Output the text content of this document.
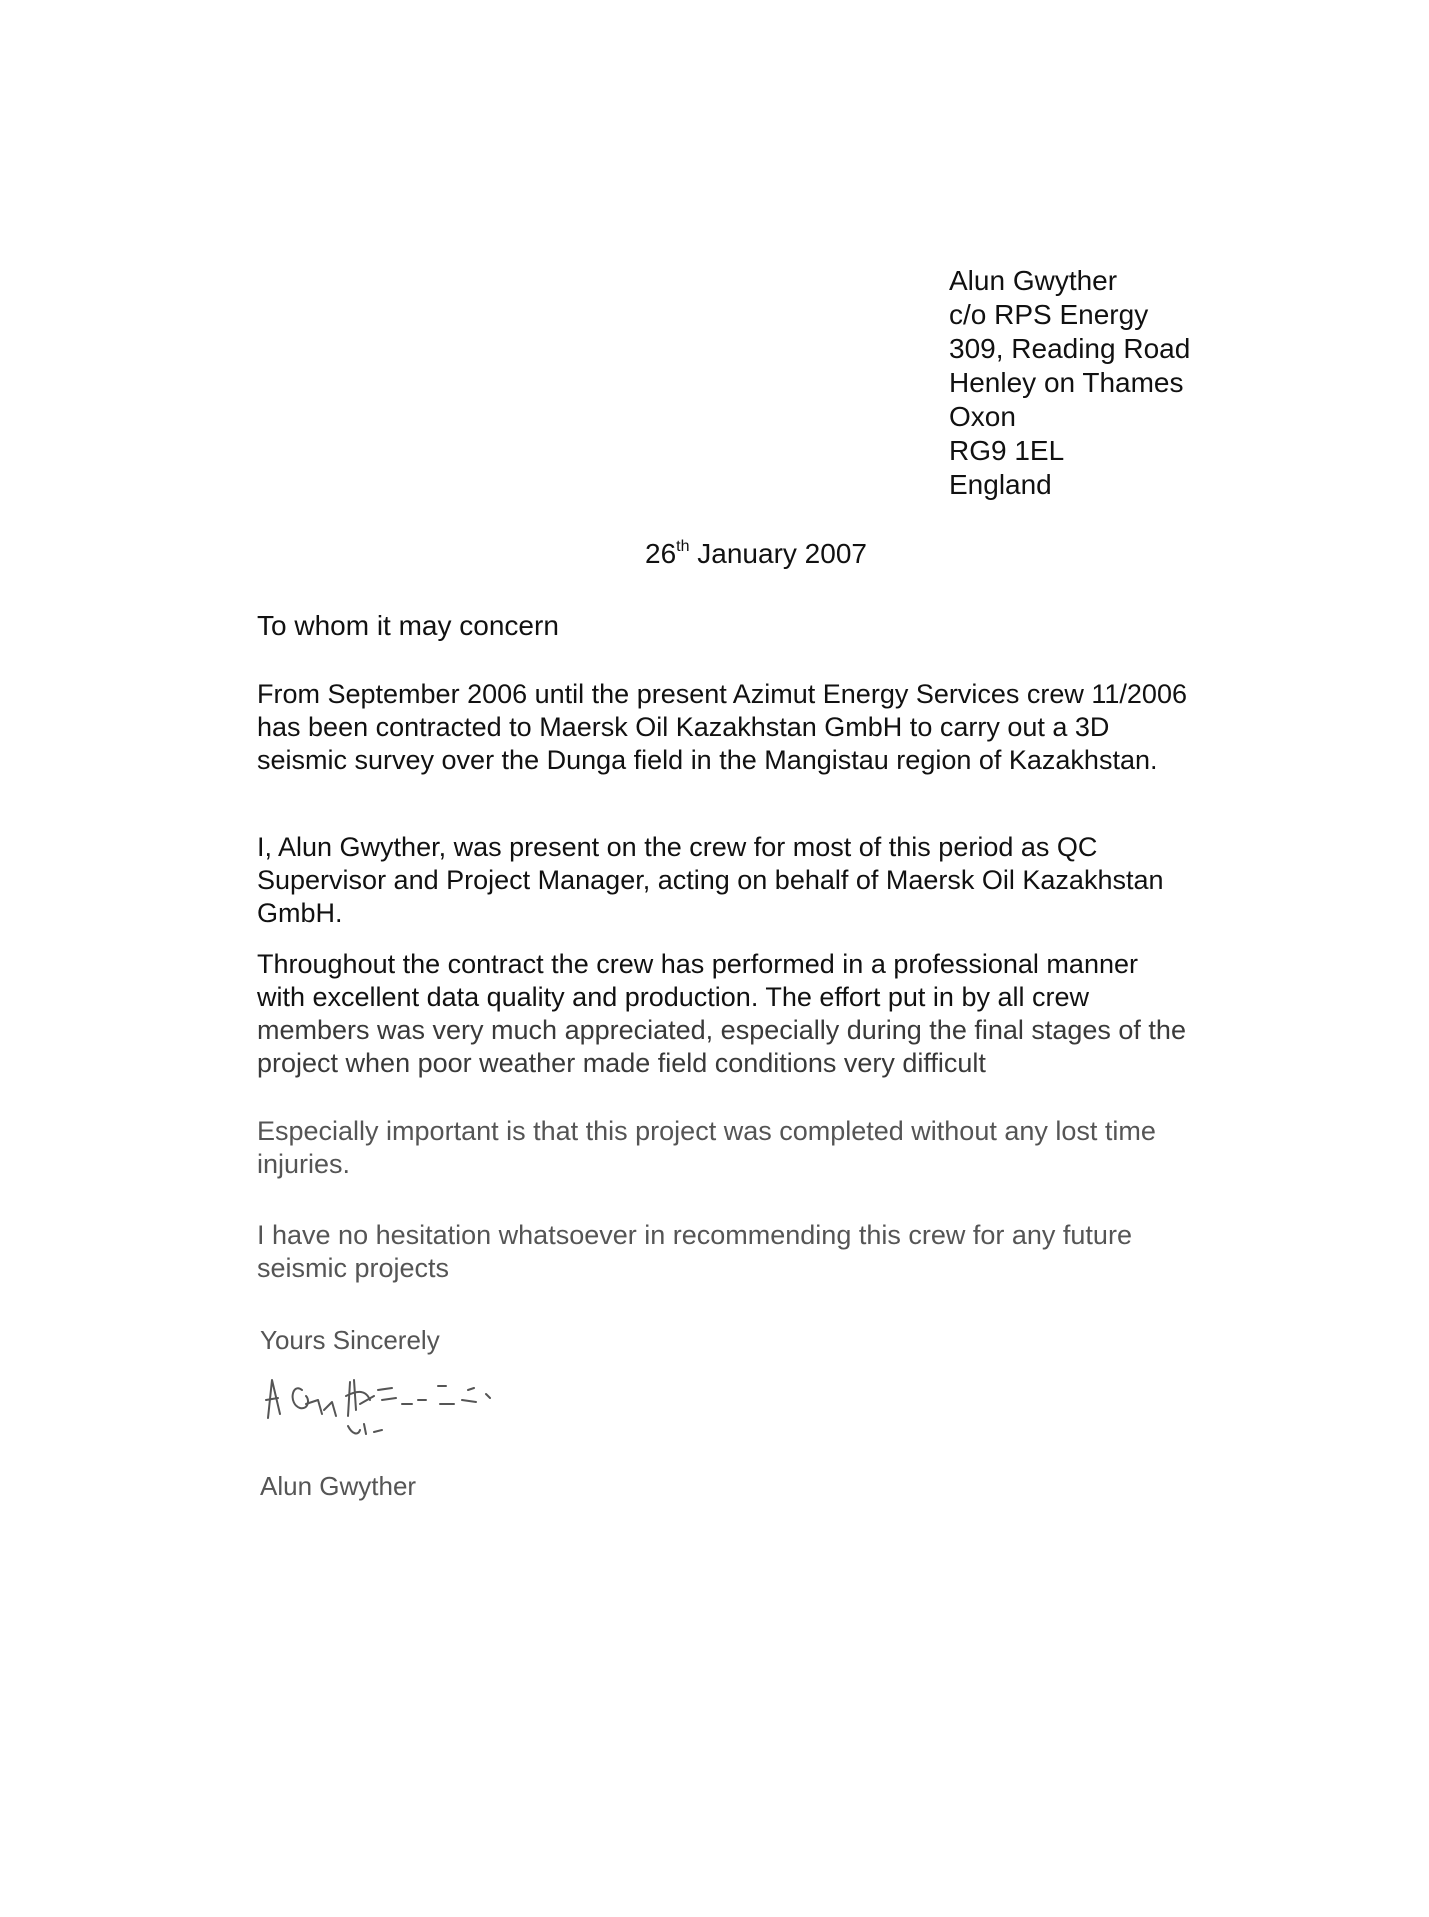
Alun Gwyther
c/o RPS Energy
309, Reading Road
Henley on Thames
Oxon
RG9 1EL
England
26th January 2007

To whom it may concern

From September 2006 until the present Azimut Energy Services crew 11/2006
has been contracted to Maersk Oil Kazakhstan GmbH to carry out a 3D
seismic survey over the Dunga field in the Mangistau region of Kazakhstan.

I, Alun Gwyther, was present on the crew for most of this period as QC
Supervisor and Project Manager, acting on behalf of Maersk Oil Kazakhstan
GmbH.

Throughout the contract the crew has performed in a professional manner
with excellent data quality and production. The effort put in by all crew
members was very much appreciated, especially during the final stages of the
project when poor weather made field conditions very difficult

Especially important is that this project was completed without any lost time
injuries.

I have no hesitation whatsoever in recommending this crew for any future
seismic projects

Yours Sincerely
Alun Gwyther
